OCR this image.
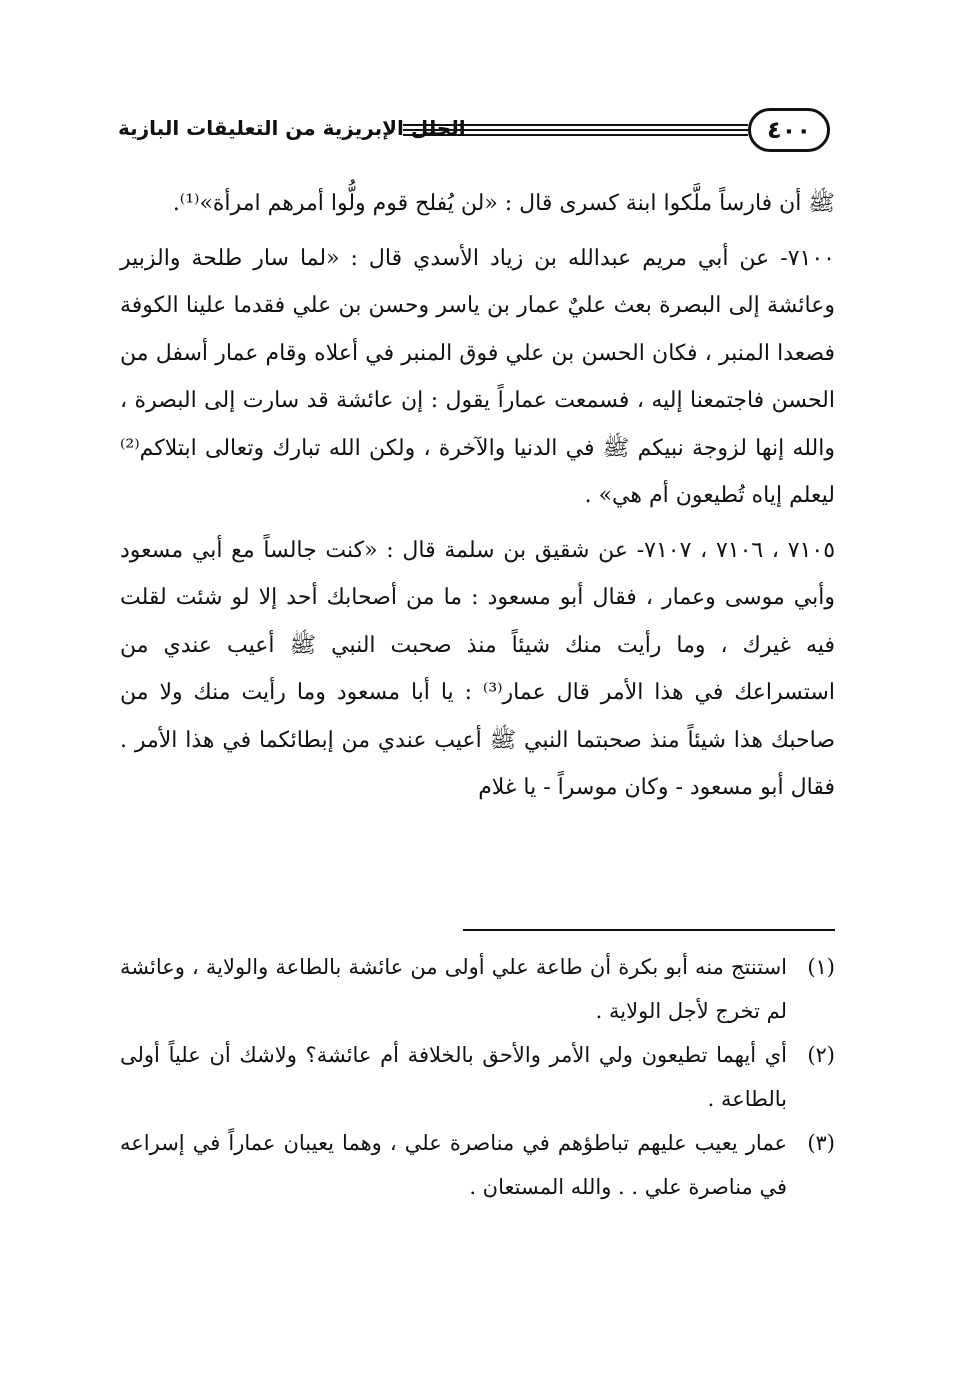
٤٠٠
الحلل الإبريزية من التعليقات البازية

ﷺ أن فارساً ملَّكوا ابنة كسرى قال : «لن يُفلح قوم ولُّوا أمرهم امرأة»⁽¹⁾.

٧١٠٠- عن أبي مريم عبدالله بن زياد الأسدي قال : «لما سار طلحة والزبير وعائشة إلى البصرة بعث عليٌ عمار بن ياسر وحسن بن علي فقدما علينا الكوفة فصعدا المنبر ، فكان الحسن بن علي فوق المنبر في أعلاه وقام عمار أسفل من الحسن فاجتمعنا إليه ، فسمعت عماراً يقول : إن عائشة قد سارت إلى البصرة ، والله إنها لزوجة نبيكم ﷺ في الدنيا والآخرة ، ولكن الله تبارك وتعالى ابتلاكم⁽²⁾ ليعلم إياه تُطيعون أم هي» .

٧١٠٥ ، ٧١٠٦ ، ٧١٠٧- عن شقيق بن سلمة قال : «كنت جالساً مع أبي مسعود وأبي موسى وعمار ، فقال أبو مسعود : ما من أصحابك أحد إلا لو شئت لقلت فيه غيرك ، وما رأيت منك شيئاً منذ صحبت النبي ﷺ أعيب عندي من استسراعك في هذا الأمر قال عمار⁽³⁾ : يا أبا مسعود وما رأيت منك ولا من صاحبك هذا شيئاً منذ صحبتما النبي ﷺ أعيب عندي من إبطائكما في هذا الأمر . فقال أبو مسعود - وكان موسراً - يا غلام

(١)
استنتج منه أبو بكرة أن طاعة علي أولى من عائشة بالطاعة والولاية ، وعائشة لم تخرج لأجل الولاية .
(٢)
أي أيهما تطيعون ولي الأمر والأحق بالخلافة أم عائشة؟ ولاشك أن علياً أولى بالطاعة .
(٣)
عمار يعيب عليهم تباطؤهم في مناصرة علي ، وهما يعيبان عماراً في إسراعه في مناصرة علي . . والله المستعان .
